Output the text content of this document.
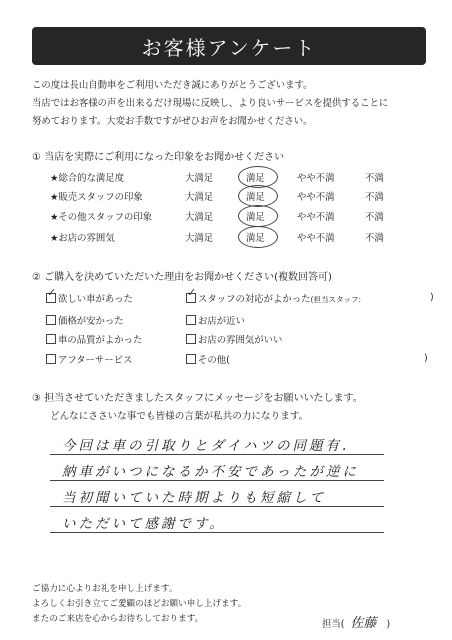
お客様アンケート
この度は長山自動車をご利用いただき誠にありがとうございます。
当店ではお客様の声を出来るだけ現場に反映し、より良いサービスを提供することに
努めております。大変お手数ですがぜひお声をお聞かせください。
① 当店を実際にご利用になった印象をお聞かせください
★総合的な満足度	大満足	満足	やや不満	不満
★販売スタッフの印象	大満足	満足	やや不満	不満
★その他スタッフの印象	大満足	満足	やや不満	不満
★お店の雰囲気	大満足	満足	やや不満	不満
② ご購入を決めていただいた理由をお聞かせください(複数回答可)
✓
欲しい車があった
✓
スタッフの対応がよかった(担当スタッフ:	)
価格が安かった	お店が近い
車の品質がよかった	お店の雰囲気がいい
アフターサービス	その他(	)
③ 担当させていただきましたスタッフにメッセージをお願いいたします。
どんなにささいな事でも皆様の言葉が私共の力になります。
今回は車の引取りとダイハツの同題有.
納車がいつになるか不安であったが逆に
当初聞いていた時期よりも短縮して
いただいて感謝です。
ご協力に心よりお礼を申し上げます。
よろしくお引き立てご愛顧のほどお願い申し上げます。
またのご来店を心からお待ちしております。	担当( 佐藤 )
